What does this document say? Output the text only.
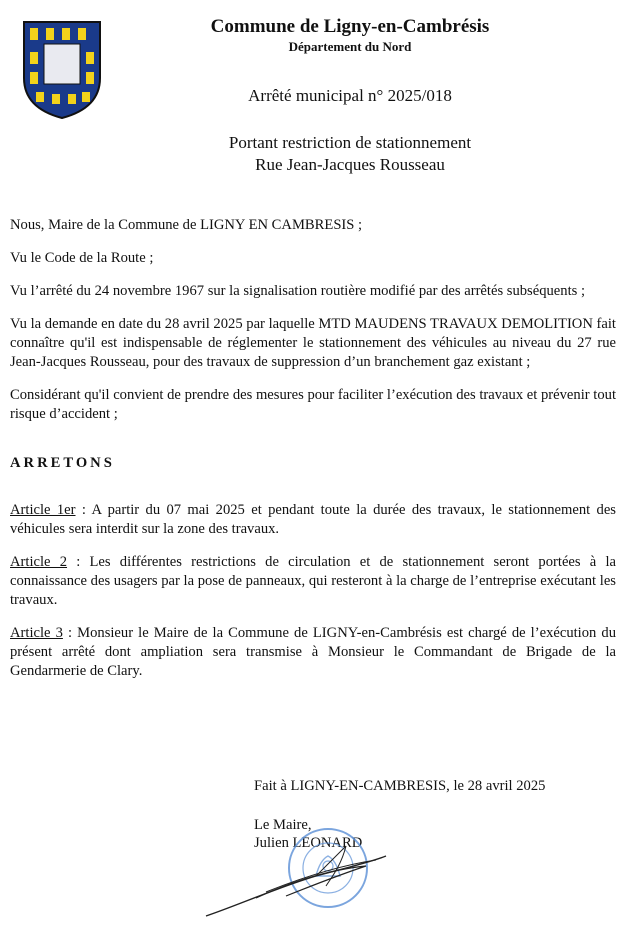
Commune de Ligny-en-Cambrésis
Département du Nord
Arrêté municipal n° 2025/018
Portant restriction de stationnement
Rue Jean-Jacques Rousseau

Nous, Maire de la Commune de LIGNY EN CAMBRESIS ;

Vu le Code de la Route ;

Vu l’arrêté du 24 novembre 1967 sur la signalisation routière modifié par des arrêtés subséquents ;

Vu la demande en date du 28 avril 2025 par laquelle MTD MAUDENS TRAVAUX DEMOLITION fait connaître qu'il est indispensable de réglementer le stationnement des véhicules au niveau du 27 rue Jean-Jacques Rousseau, pour des travaux de suppression d’un branchement gaz existant ;

Considérant qu'il convient de prendre des mesures pour faciliter l’exécution des travaux et prévenir tout risque d’accident ;

ARRETONS

Article 1er : A partir du 07 mai 2025 et pendant toute la durée des travaux, le stationnement des véhicules sera interdit sur la zone des travaux.

Article 2 : Les différentes restrictions de circulation et de stationnement seront portées à la connaissance des usagers par la pose de panneaux, qui resteront à la charge de l’entreprise exécutant les travaux.

Article 3 : Monsieur le Maire de la Commune de LIGNY-en-Cambrésis est chargé de l’exécution du présent arrêté dont ampliation sera transmise à Monsieur le Commandant de Brigade de la Gendarmerie de Clary.

Fait à LIGNY-EN-CAMBRESIS, le 28 avril 2025
Le Maire,
Julien LEONARD
